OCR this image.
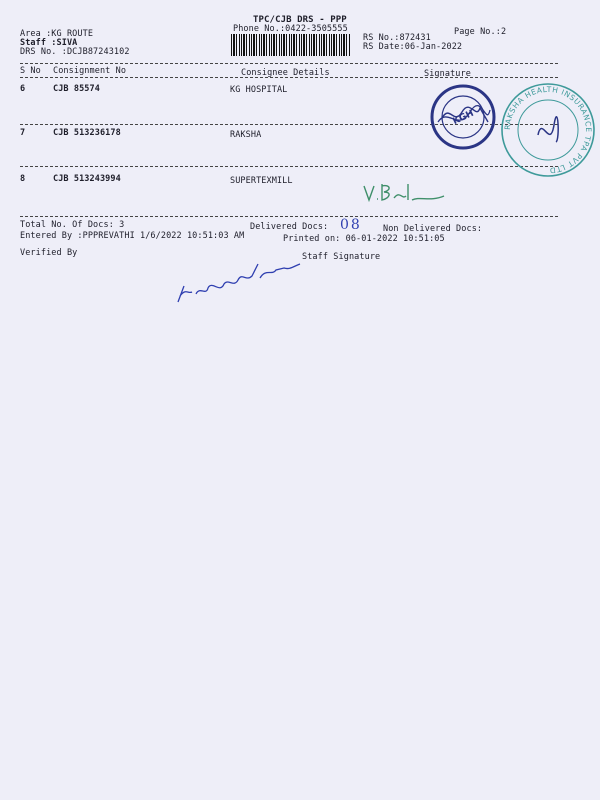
TPC/CJB DRS - PPP
Phone No.:0422-3505555	Page No.:2
Area :KG ROUTE
Staff :SIVA
DRS No. :DCJB87243102
RS No.:872431
RS Date:06-Jan-2022
S No Consignment No	Consignee Details	Signature
6	CJB 85574	KG HOSPITAL
7	CJB 513236178	RAKSHA
8	CJB 513243994	SUPERTEXMILL
Total No. Of Docs: 3	Delivered Docs: 08 Non Delivered Docs:
Entered By :PPPREVATHI 1/6/2022 10:51:03 AM	Printed on: 06-01-2022 10:51:05
Verified By	Staff Signature
KGH
RAKSHA HEALTH INSURANCE TPA PVT LTD
